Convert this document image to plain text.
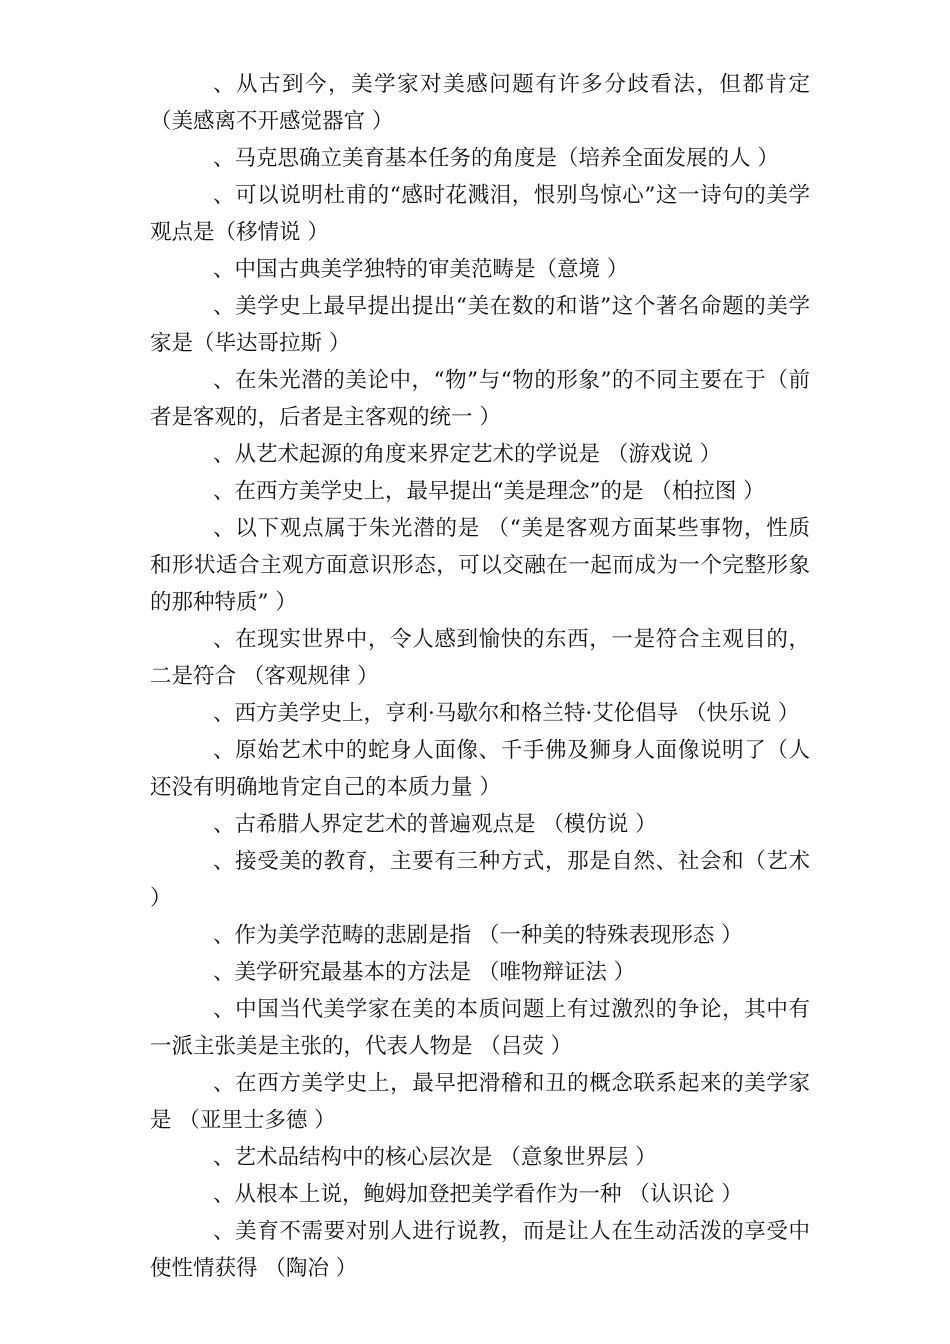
、从古到今，美学家对美感问题有许多分歧看法，但都肯定（美感离不开感觉器官 ）

、马克思确立美育基本任务的角度是（培养全面发展的人 ）

、可以说明杜甫的“感时花溅泪，恨别鸟惊心”这一诗句的美学观点是（移情说 ）

、中国古典美学独特的审美范畴是（意境 ）

、美学史上最早提出提出“美在数的和谐”这个著名命题的美学家是（毕达哥拉斯 ）

、在朱光潜的美论中，“物”与“物的形象”的不同主要在于（前者是客观的，后者是主客观的统一 ）

、从艺术起源的角度来界定艺术的学说是 （游戏说 ）

、在西方美学史上，最早提出“美是理念”的是 （柏拉图 ）

、以下观点属于朱光潜的是 （“美是客观方面某些事物，性质和形状适合主观方面意识形态，可以交融在一起而成为一个完整形象的那种特质” ）

、在现实世界中，令人感到愉快的东西，一是符合主观目的，二是符合 （客观规律 ）

、西方美学史上，亨利·马歇尔和格兰特·艾伦倡导 （快乐说 ）

、原始艺术中的蛇身人面像、千手佛及狮身人面像说明了（人还没有明确地肯定自己的本质力量 ）

、古希腊人界定艺术的普遍观点是 （模仿说 ）

、接受美的教育，主要有三种方式，那是自然、社会和（艺术 ）

、作为美学范畴的悲剧是指 （一种美的特殊表现形态 ）

、美学研究最基本的方法是 （唯物辩证法 ）

、中国当代美学家在美的本质问题上有过激烈的争论，其中有一派主张美是主张的，代表人物是 （吕荧 ）

、在西方美学史上，最早把滑稽和丑的概念联系起来的美学家是 （亚里士多德 ）

、艺术品结构中的核心层次是 （意象世界层 ）

、从根本上说，鲍姆加登把美学看作为一种 （认识论 ）

、美育不需要对别人进行说教，而是让人在生动活泼的享受中使性情获得 （陶冶 ）
